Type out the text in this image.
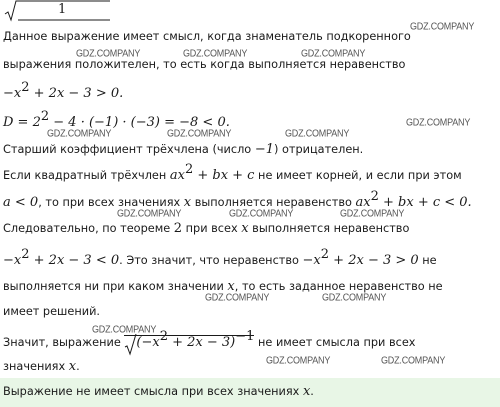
1
Данное выражение имеет смысл, когда знаменатель подкоренного
выражения положителен, то есть когда выполняется неравенство
$-x^2 + 2x - 3 > 0$.
$D = 2^2 - 4 \cdot (-1) \cdot (-3) = -8 < 0$.
Старший коэффициент трёхчлена (число −1) отрицателен.
Если квадратный трёхчлен $ax^2$ + bx + c не имеет корней, и если при этом
a < 0, то при всех значениях x выполняется неравенство $ax^2$ + bx + c < 0.
Следовательно, по теореме 2 при всех x выполняется неравенство
$-x^2 + 2x - 3 < 0$. Это значит, что неравенство $-x^2 + 2x - 3 > 0$ не
выполняется ни при каком значении x, то есть заданное неравенство не
имеет решений.
Значит, выражение
$(-x^2 + 2x - 3)^{-1}$ не имеет смысла при всех
значениях x.
Выражение не имеет смысла при всех значениях x.
GDZ.COMPANY
GDZ.COMPANY	GDZ.COMPANY	GDZ.COMPANY
GDZ.COMPANY
GDZ.COMPANY	GDZ.COMPANY	GDZ.COMPANY
GDZ.COMPANY	GDZ.COMPANY	GDZ.COMPANY
GDZ.COMPANY	GDZ.COMPANY
GDZ.COMPANY
GDZ.COMPANY	GDZ.COMPANY
